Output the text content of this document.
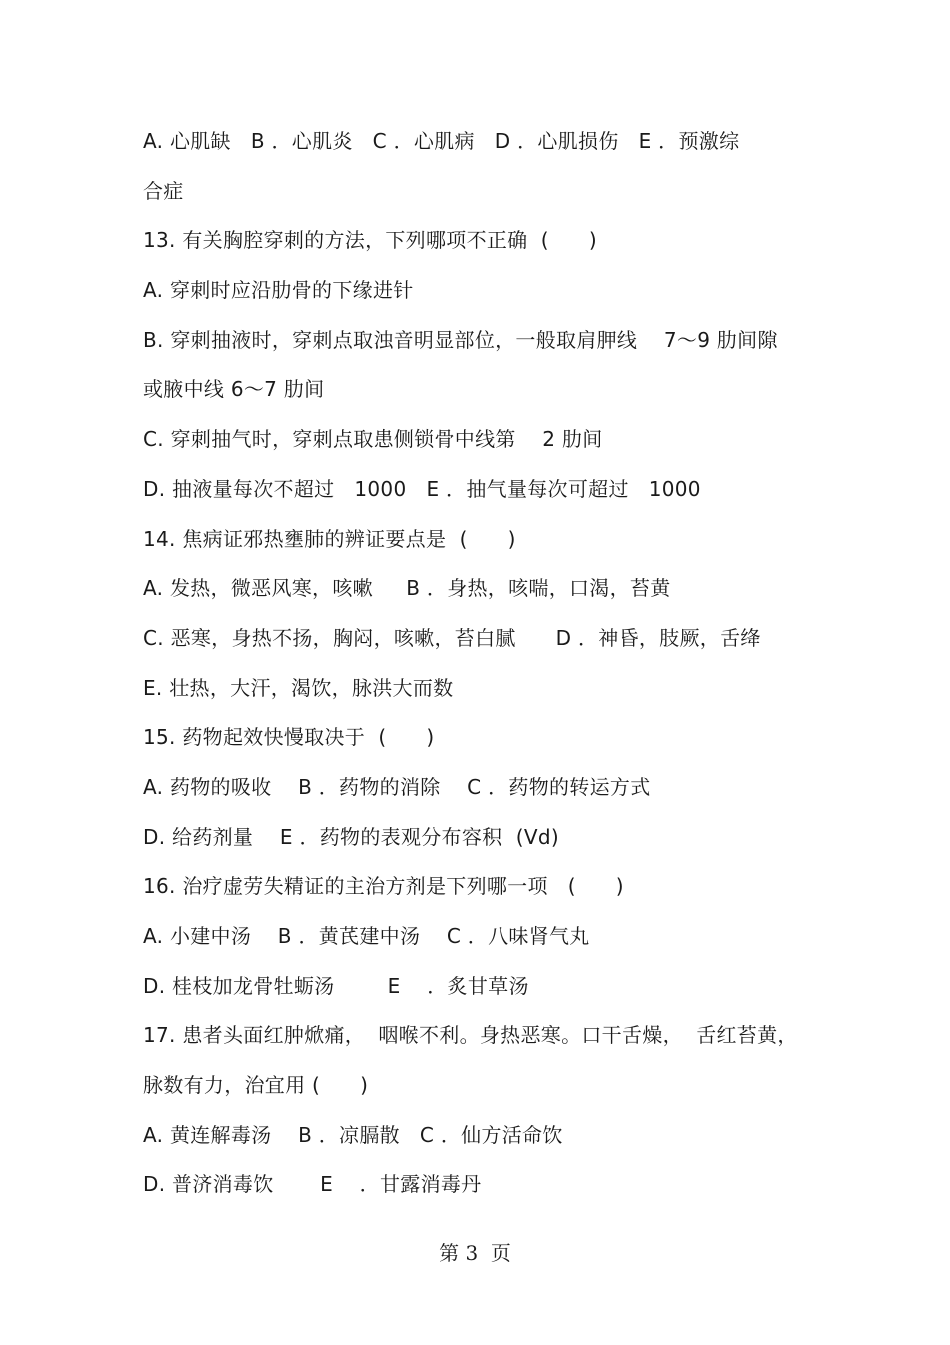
A. 心肌缺   B ．心肌炎   C ．心肌病   D ．心肌损伤   E ．预激综
合症
13. 有关胸腔穿刺的方法，下列哪项不正确  (      )
A. 穿刺时应沿肋骨的下缘进针
B. 穿刺抽液时，穿刺点取浊音明显部位，一般取肩胛线    7～9 肋间隙
或腋中线 6～7 肋间
C. 穿刺抽气时，穿刺点取患侧锁骨中线第    2 肋间
D. 抽液量每次不超过   1000   E ．抽气量每次可超过   1000
14. 焦病证邪热壅肺的辨证要点是  (      )
A. 发热，微恶风寒，咳嗽     B ．身热，咳喘，口渴，苔黄
C. 恶寒，身热不扬，胸闷，咳嗽，苔白腻      D ．神昏，肢厥，舌绛
E. 壮热，大汗，渴饮，脉洪大而数
15. 药物起效快慢取决于  (      )
A. 药物的吸收    B ．药物的消除    C ．药物的转运方式
D. 给药剂量    E ．药物的表观分布容积  (Vd)
16. 治疗虚劳失精证的主治方剂是下列哪一项   (      )
A. 小建中汤    B ．黄芪建中汤    C ．八味肾气丸
D. 桂枝加龙骨牡蛎汤        E    ．炙甘草汤
17. 患者头面红肿焮痛，  咽喉不利。身热恶寒。口干舌燥，  舌红苔黄，
脉数有力，治宜用 (      )
A. 黄连解毒汤    B ．凉膈散   C ．仙方活命饮
D. 普济消毒饮       E    ．甘露消毒丹
第 3  页
